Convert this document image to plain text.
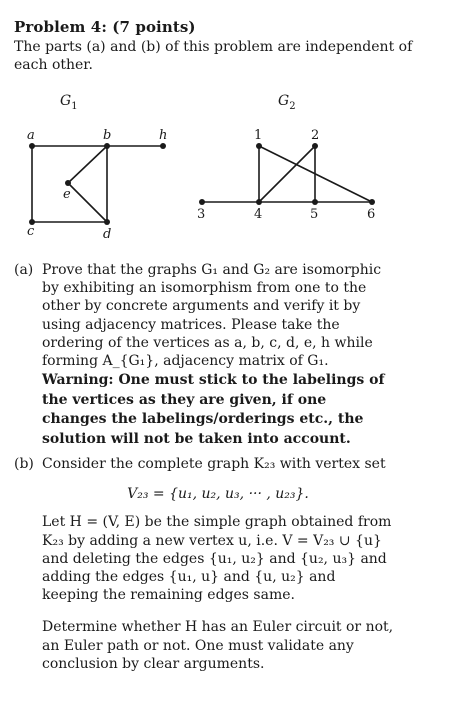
Problem 4: (7 points)
The parts (a) and (b) of this problem are independent of each other.
$G_1$	$G_2$
a	b	h
e
c	d
1	2
3	4	5	6
(a) Prove that the graphs G₁ and G₂ are isomorphic by exhibiting an isomorphism from one to the other by concrete arguments and verify it by using adjacency matrices. Please take the ordering of the vertices as a, b, c, d, e, h while forming A_{G₁}, adjacency matrix of G₁.
Warning: One must stick to the labelings of the vertices as they are given, if one changes the labelings/orderings etc., the solution will not be taken into account.
(b) Consider the complete graph K₂₃ with vertex set
V₂₃ = {u₁, u₂, u₃, ··· , u₂₃}.
Let H = (V, E) be the simple graph obtained from K₂₃ by adding a new vertex u, i.e. V = V₂₃ ∪ {u} and deleting the edges {u₁, u₂} and {u₂, u₃} and adding the edges {u₁, u} and {u, u₂} and keeping the remaining edges same.
Determine whether H has an Euler circuit or not, an Euler path or not. One must validate any conclusion by clear arguments.
